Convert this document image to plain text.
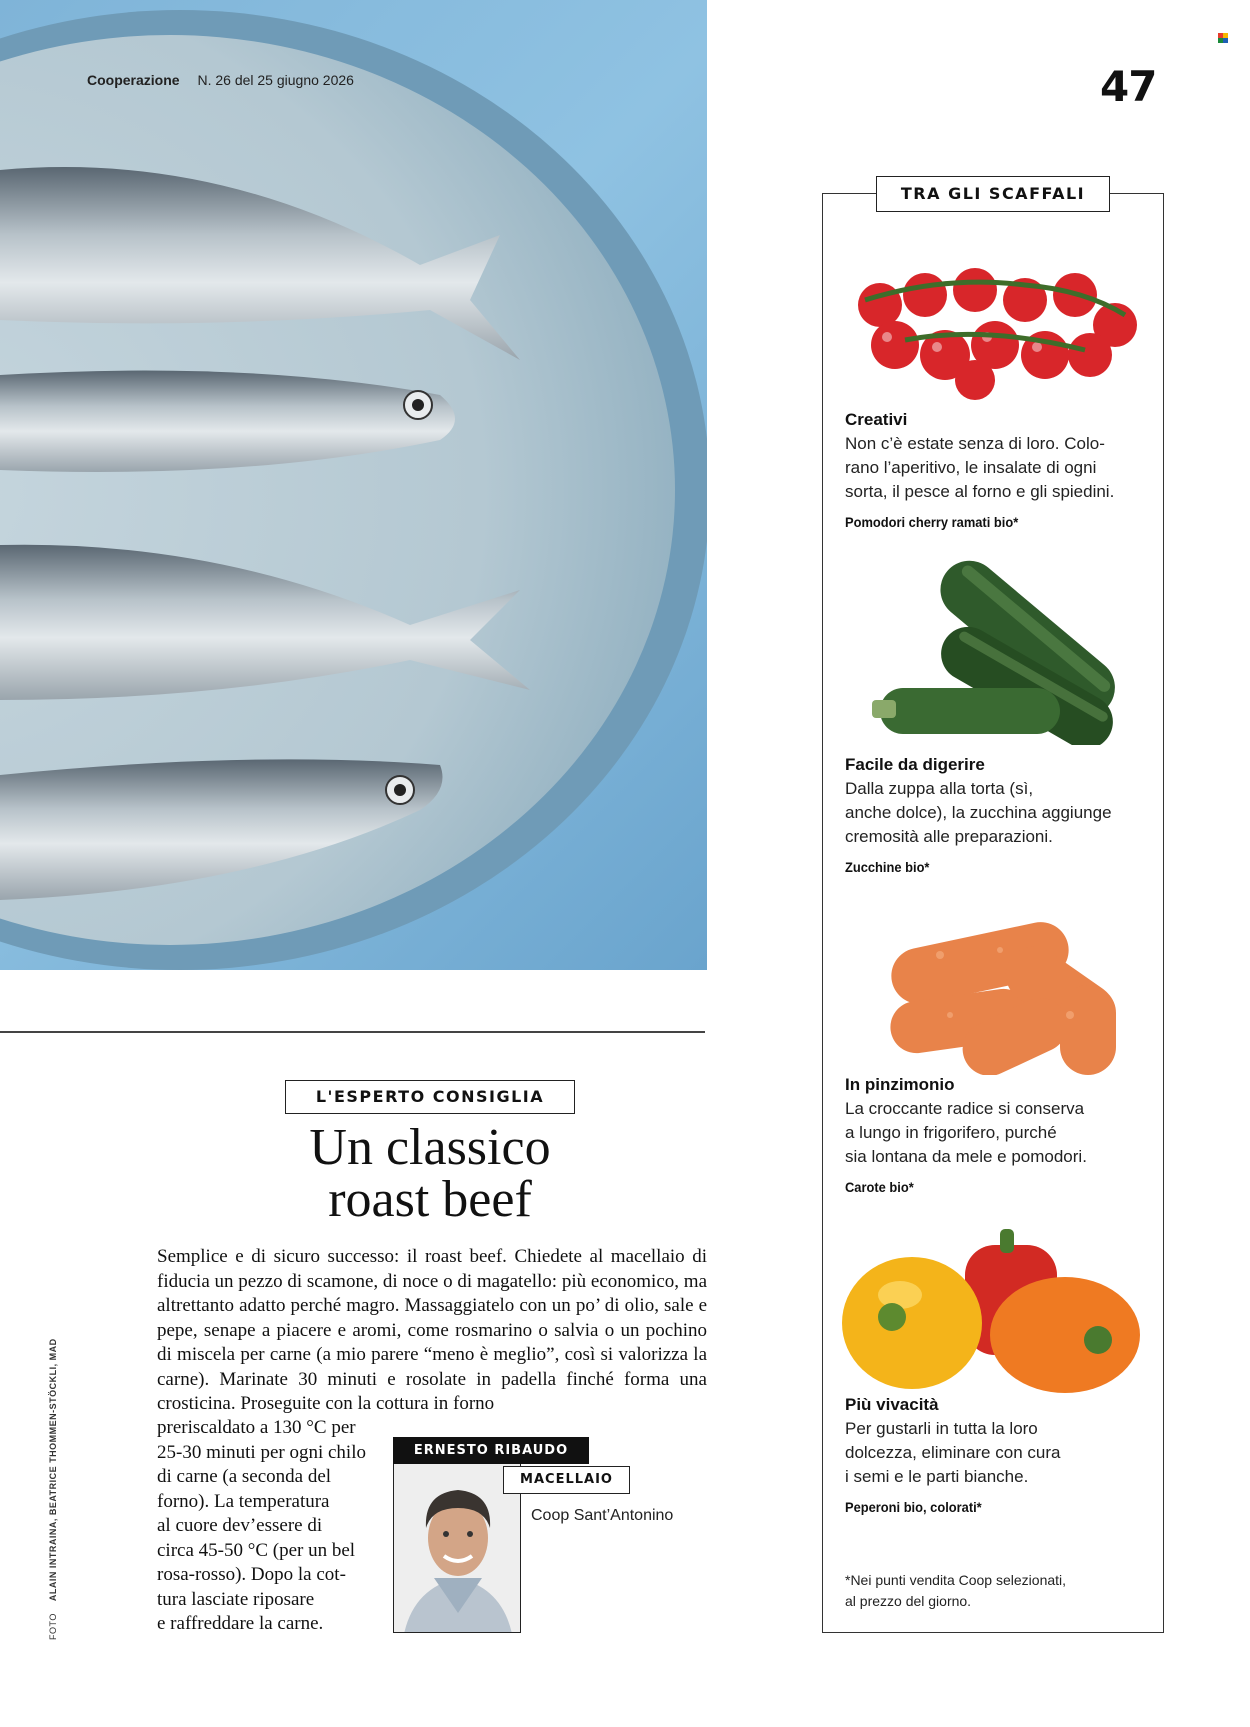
Cooperazione N. 26 del 25 giugno 2026	47
TRA GLI SCAFFALI

Creativi

Non c’è estate senza di loro. Colo-
rano l’aperitivo, le insalate di ogni
sorta, il pesce al forno e gli spiedini.

Pomodori cherry ramati bio*

Facile da digerire

Dalla zuppa alla torta (sì,
anche dolce), la zucchina aggiunge
cremosità alle preparazioni.

Zucchine bio*

In pinzimonio

La croccante radice si conserva
a lungo in frigorifero, purché
sia lontana da mele e pomodori.

Carote bio*

Più vivacità

Per gustarli in tutta la loro
dolcezza, eliminare con cura
i semi e le parti bianche.

Peperoni bio, colorati*
*Nei punti vendita Coop selezionati,
al prezzo del giorno.
L'ESPERTO CONSIGLIA
Un classico
roast beef

Semplice e di sicuro successo: il roast beef. Chiedete al macellaio di fiducia un pezzo di scamone, di noce o di magatello: più economico, ma altrettanto adatto perché magro. Massaggiatelo con un po’ di olio, sale e pepe, senape a piacere e aromi, come rosmarino o salvia o un pochino di miscela per carne (a mio parere “meno è meglio”, così si valorizza la carne). Marinate 30 minuti e rosolate in padella finché forma una crosticina. Proseguite con la cottura in forno

preriscaldato a 130 °C per
25-30 minuti per ogni chilo
di carne (a seconda del
forno). La temperatura
al cuore dev’essere di
circa 45-50 °C (per un bel
rosa-rosso). Dopo la cot-
tura lasciate riposare
e raffreddare la carne.

ERNESTO RIBAUDO
MACELLAIO
Coop Sant’Antonino
FOTO    ALAIN INTRAINA, BEATRICE THOMMEN-STÖCKLI, MAD
